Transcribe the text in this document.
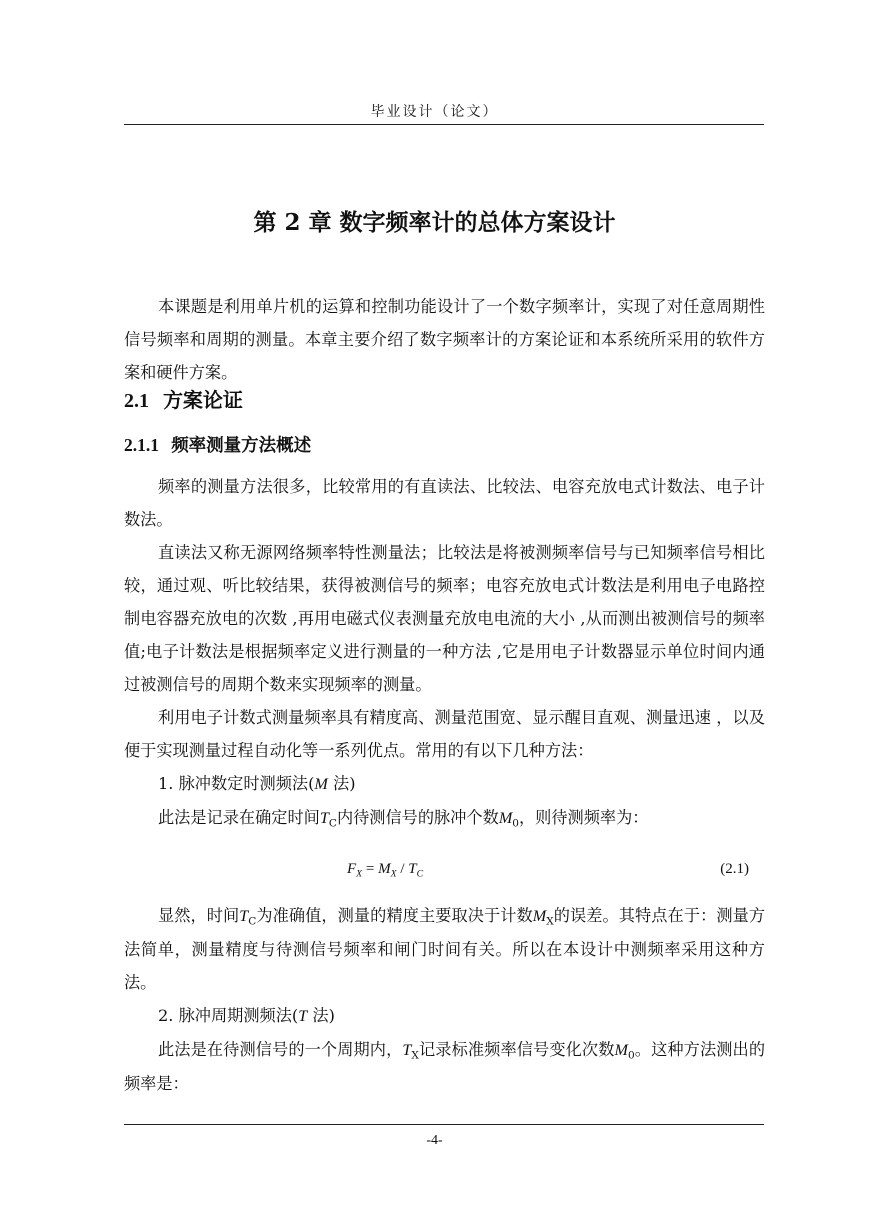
毕业设计（论文）
第 2 章 数字频率计的总体方案设计

本课题是利用单片机的运算和控制功能设计了一个数字频率计，实现了对任意周期性信号频率和周期的测量。本章主要介绍了数字频率计的方案论证和本系统所采用的软件方案和硬件方案。

2.1 方案论证
2.1.1 频率测量方法概述

频率的测量方法很多，比较常用的有直读法、比较法、电容充放电式计数法、电子计数法。

直读法又称无源网络频率特性测量法；比较法是将被测频率信号与已知频率信号相比较，通过观、听比较结果，获得被测信号的频率；电容充放电式计数法是利用电子电路控制电容器充放电的次数 ,再用电磁式仪表测量充放电电流的大小 ,从而测出被测信号的频率值;电子计数法是根据频率定义进行测量的一种方法 ,它是用电子计数器显示单位时间内通过被测信号的周期个数来实现频率的测量。

利用电子计数式测量频率具有精度高、测量范围宽、显示醒目直观、测量迅速 ，以及便于实现测量过程自动化等一系列优点。常用的有以下几种方法：

1. 脉冲数定时测频法(M 法)

此法是记录在确定时间$T_C$内待测信号的脉冲个数$M_0$，则待测频率为：

$F_X = M_X / T_C$	(2.1)

显然，时间$T_C$为准确值，测量的精度主要取决于计数$M_X$的误差。其特点在于：测量方法简单，测量精度与待测信号频率和闸门时间有关。所以在本设计中测频率采用这种方法。

2. 脉冲周期测频法(T 法)

此法是在待测信号的一个周期内，$T_X$记录标准频率信号变化次数$M_0$。这种方法测出的频率是：

-4-
